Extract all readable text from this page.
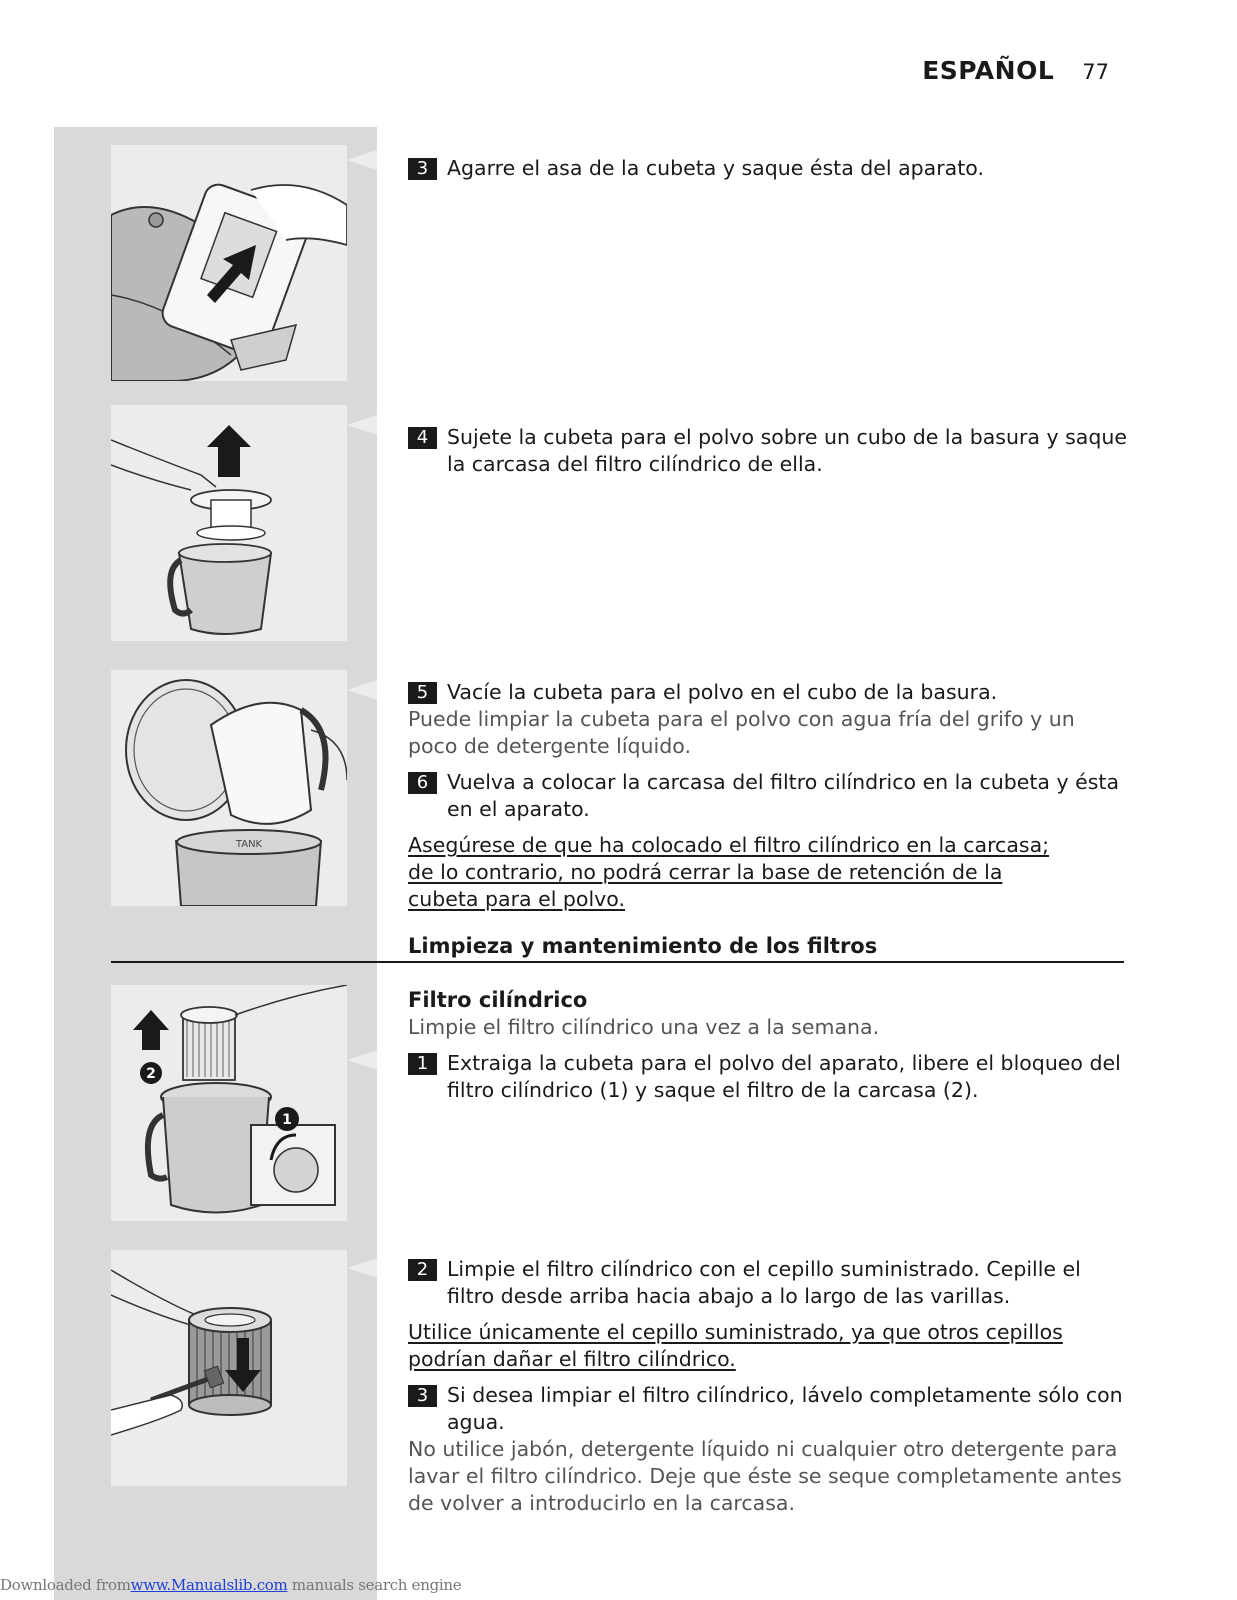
ESPAÑOL 77
TANK
2
1
3 Agarre el asa de la cubeta y saque ésta del aparato.
4 Sujete la cubeta para el polvo sobre un cubo de la basura y saque la carcasa del filtro cilíndrico de ella.
5 Vacíe la cubeta para el polvo en el cubo de la basura.
Puede limpiar la cubeta para el polvo con agua fría del grifo y un poco de detergente líquido.
6 Vuelva a colocar la carcasa del filtro cilíndrico en la cubeta y ésta en el aparato.
Asegúrese de que ha colocado el filtro cilíndrico en la carcasa; de lo contrario, no podrá cerrar la base de retención de la cubeta para el polvo.
Limpieza y mantenimiento de los filtros
Filtro cilíndrico
Limpie el filtro cilíndrico una vez a la semana.
1 Extraiga la cubeta para el polvo del aparato, libere el bloqueo del filtro cilíndrico (1) y saque el filtro de la carcasa (2).
2 Limpie el filtro cilíndrico con el cepillo suministrado. Cepille el filtro desde arriba hacia abajo a lo largo de las varillas.
Utilice únicamente el cepillo suministrado, ya que otros cepillos podrían dañar el filtro cilíndrico.
3 Si desea limpiar el filtro cilíndrico, lávelo completamente sólo con agua.
No utilice jabón, detergente líquido ni cualquier otro detergente para lavar el filtro cilíndrico. Deje que éste se seque completamente antes de volver a introducirlo en la carcasa.
Downloaded fromwww.Manualslib.com manuals search engine
